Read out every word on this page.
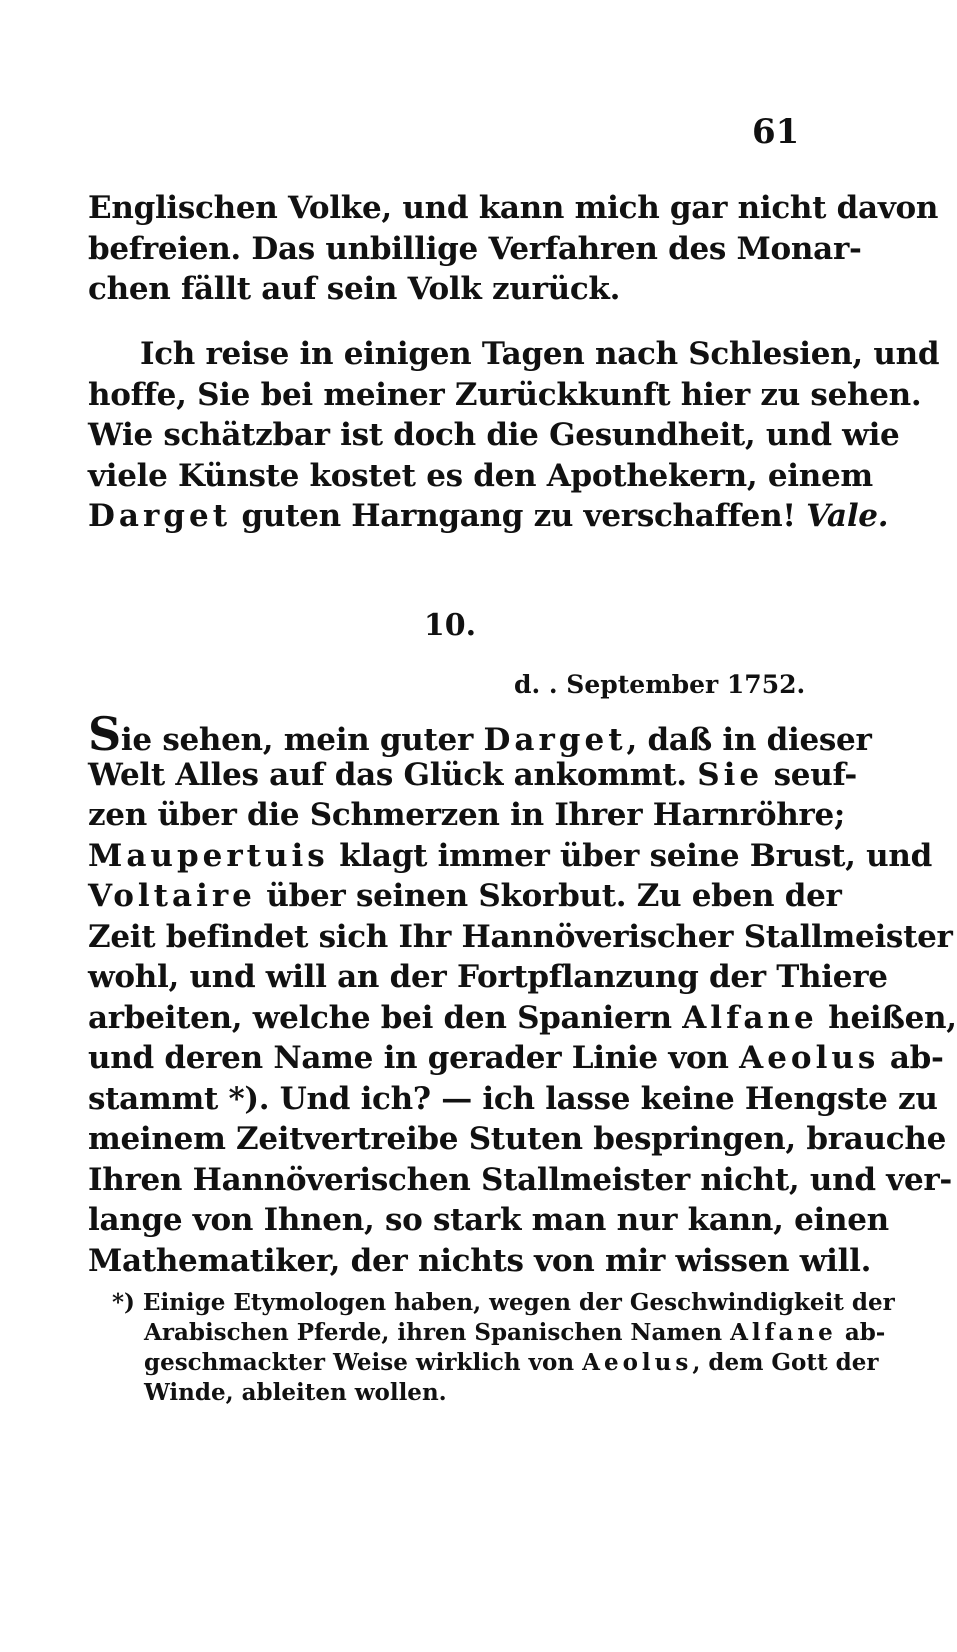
61
Englischen Volke, und kann mich gar nicht davon
befreien. Das unbillige Verfahren des Monar-
chen fällt auf sein Volk zurück.
Ich reise in einigen Tagen nach Schlesien, und
hoffe, Sie bei meiner Zurückkunft hier zu sehen.
Wie schätzbar ist doch die Gesundheit, und wie
viele Künste kostet es den Apothekern, einem
Darget guten Harngang zu verschaffen! Vale.
10.
d. . September 1752.
Sie sehen, mein guter Darget, daß in dieser
Welt Alles auf das Glück ankommt. Sie seuf-
zen über die Schmerzen in Ihrer Harnröhre;
Maupertuis klagt immer über seine Brust, und
Voltaire über seinen Skorbut. Zu eben der
Zeit befindet sich Ihr Hannöverischer Stallmeister
wohl, und will an der Fortpflanzung der Thiere
arbeiten, welche bei den Spaniern Alfane heißen,
und deren Name in gerader Linie von Aeolus ab-
stammt *). Und ich? — ich lasse keine Hengste zu
meinem Zeitvertreibe Stuten bespringen, brauche
Ihren Hannöverischen Stallmeister nicht, und ver-
lange von Ihnen, so stark man nur kann, einen
Mathematiker, der nichts von mir wissen will.
*) Einige Etymologen haben, wegen der Geschwindigkeit der
Arabischen Pferde, ihren Spanischen Namen Alfane ab-
geschmackter Weise wirklich von Aeolus, dem Gott der
Winde, ableiten wollen.
